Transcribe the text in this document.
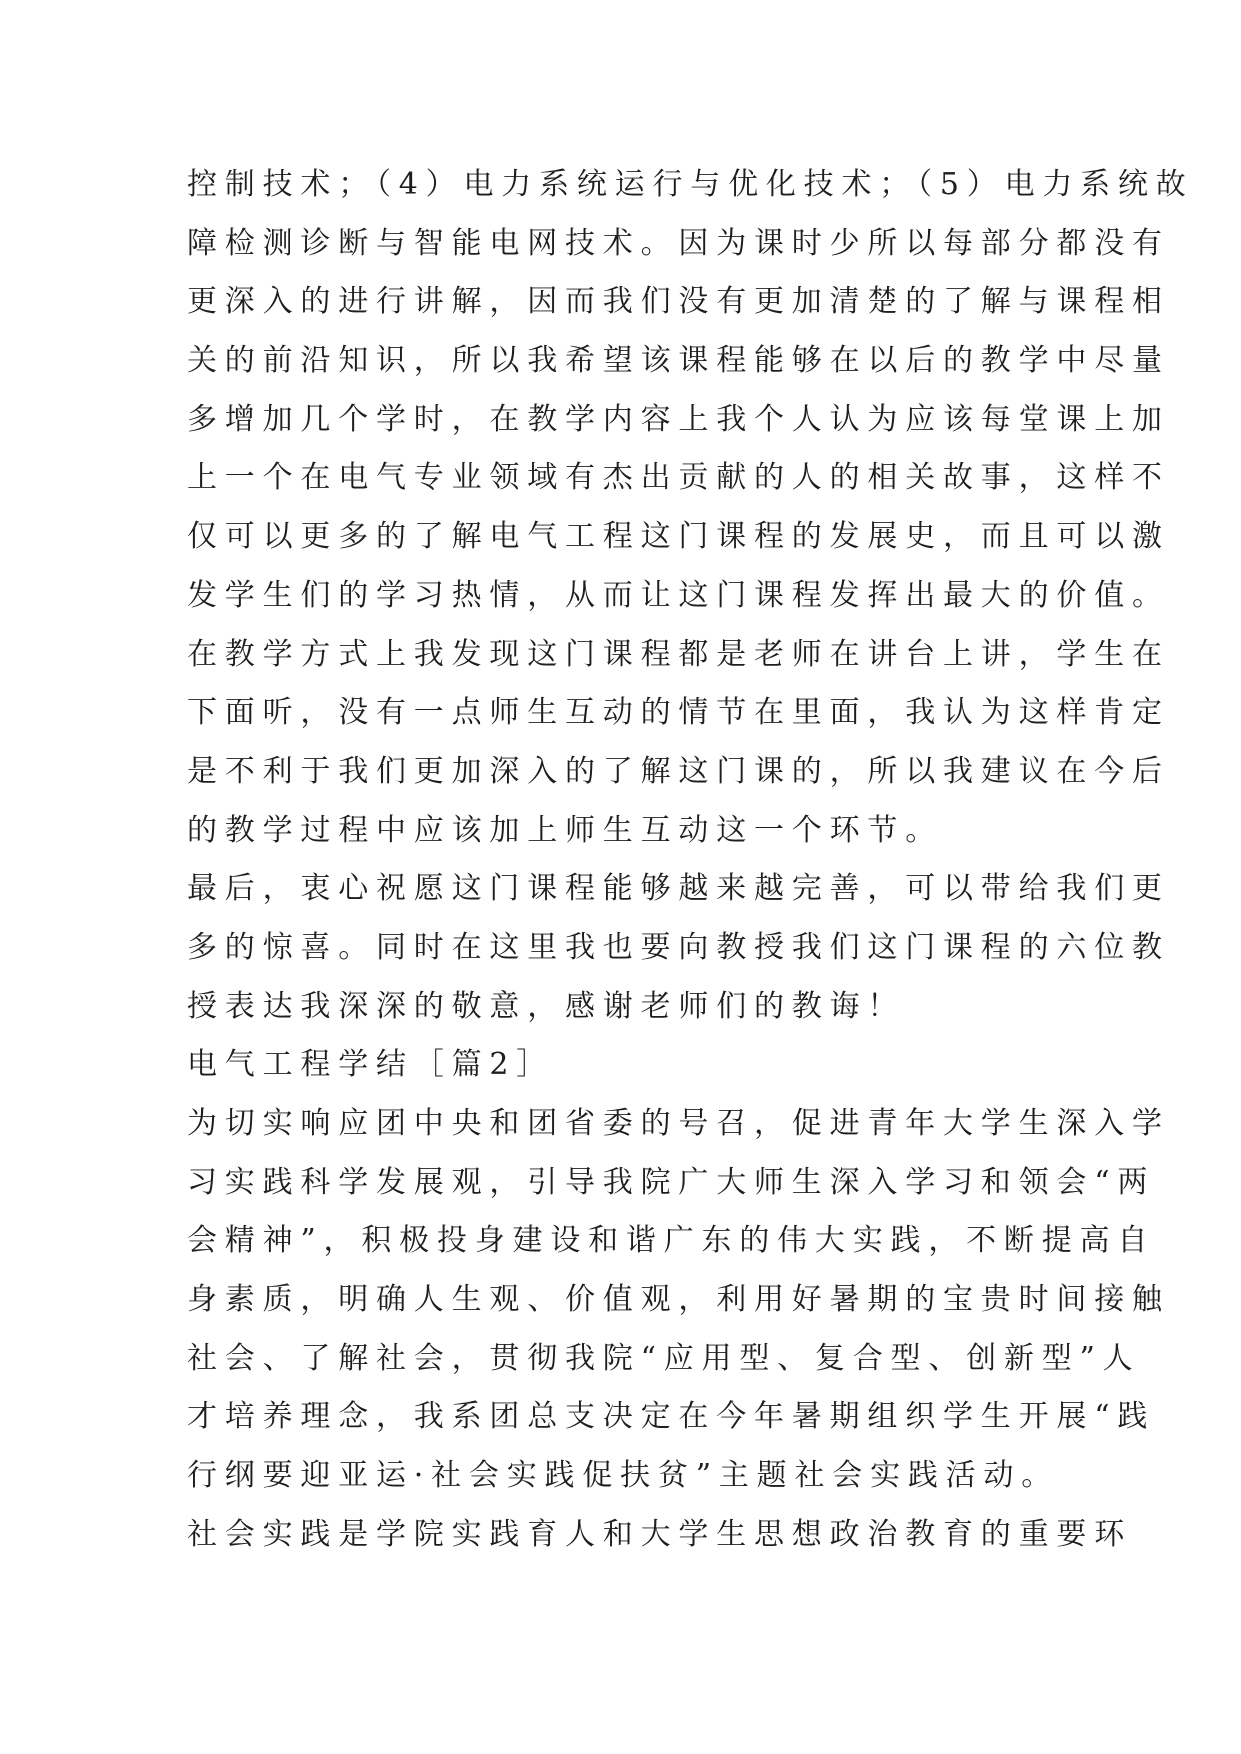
控制技术；（4）电力系统运行与优化技术；（5）电力系统故
障检测诊断与智能电网技术。因为课时少所以每部分都没有
更深入的进行讲解，因而我们没有更加清楚的了解与课程相
关的前沿知识，所以我希望该课程能够在以后的教学中尽量
多增加几个学时，在教学内容上我个人认为应该每堂课上加
上一个在电气专业领域有杰出贡献的人的相关故事，这样不
仅可以更多的了解电气工程这门课程的发展史，而且可以激
发学生们的学习热情，从而让这门课程发挥出最大的价值。
在教学方式上我发现这门课程都是老师在讲台上讲，学生在
下面听，没有一点师生互动的情节在里面，我认为这样肯定
是不利于我们更加深入的了解这门课的，所以我建议在今后
的教学过程中应该加上师生互动这一个环节。
最后，衷心祝愿这门课程能够越来越完善，可以带给我们更
多的惊喜。同时在这里我也要向教授我们这门课程的六位教
授表达我深深的敬意，感谢老师们的教诲！
电气工程学结［篇2］
为切实响应团中央和团省委的号召，促进青年大学生深入学
习实践科学发展观，引导我院广大师生深入学习和领会“两
会精神”，积极投身建设和谐广东的伟大实践，不断提高自
身素质，明确人生观、价值观，利用好暑期的宝贵时间接触
社会、了解社会，贯彻我院“应用型、复合型、创新型”人
才培养理念，我系团总支决定在今年暑期组织学生开展“践
行纲要迎亚运·社会实践促扶贫”主题社会实践活动。
社会实践是学院实践育人和大学生思想政治教育的重要环
